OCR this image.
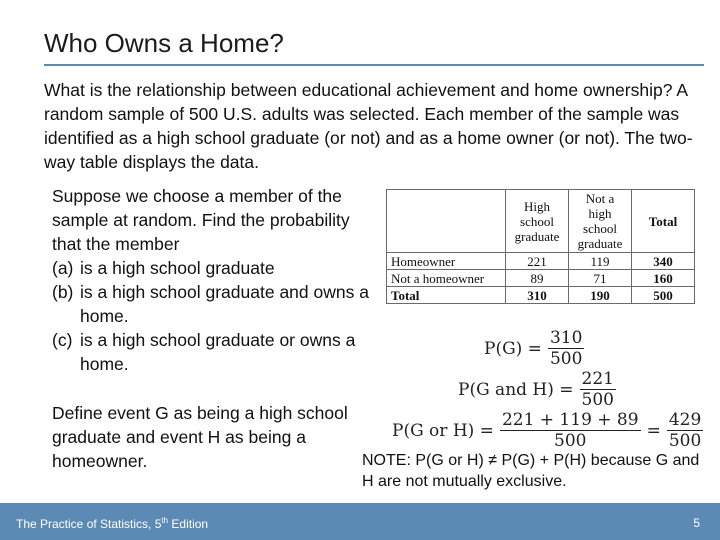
Who Owns a Home?
What is the relationship between educational achievement and home ownership? A random sample of 500 U.S. adults was selected. Each member of the sample was identified as a high school graduate (or not) and as a home owner (or not). The two-way table displays the data.
Suppose we choose a member of the sample at random. Find the probability that the member
(a) is a high school graduate
(b) is a high school graduate and owns a home.
(c) is a high school graduate or owns a home.
Define event G as being a high school graduate and event H as being a homeowner.
	High school graduate	Not a high school graduate	Total
Homeowner	221	119	340
Not a homeowner	89	71	160
Total	310	190	500
$P(G) = \frac{310}{500}$
P(G and $H) = \frac{221}{500}$
P(G or $H) = \frac{221 + 119 + 89}{500} = \frac{429}{500}$
NOTE: P(G or H) ≠ P(G) + P(H) because G and H are not mutually exclusive.
The Practice of Statistics, 5th Edition	5
